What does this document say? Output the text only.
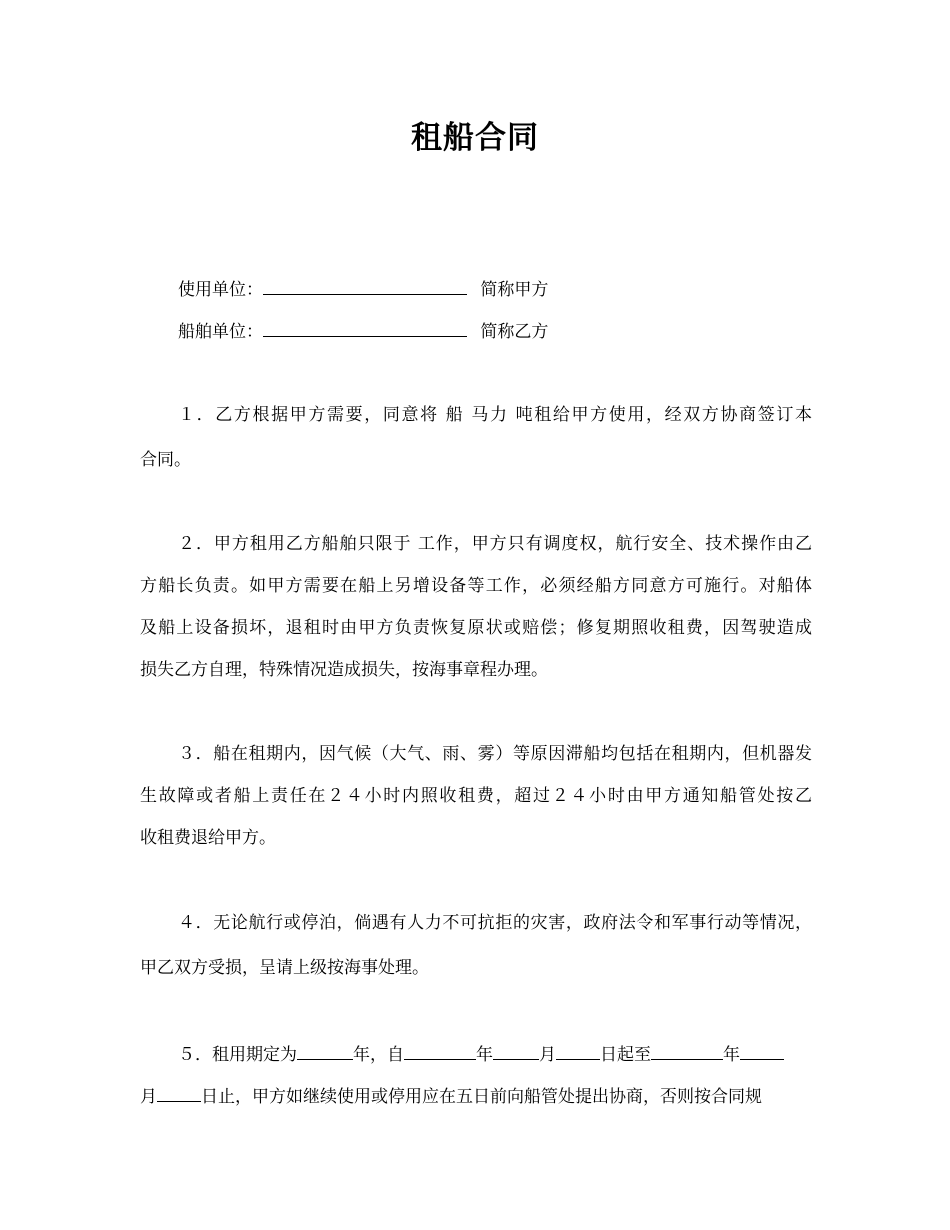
租船合同
使用单位：	简称甲方
船舶单位：	简称乙方
１．乙方根据甲方需要，同意将 船 马力 吨租给甲方使用，经双方协商签订本
合同。
２．甲方租用乙方船舶只限于 工作，甲方只有调度权，航行安全、技术操作由乙
方船长负责。如甲方需要在船上另增设备等工作，必须经船方同意方可施行。对船体
及船上设备损坏，退租时由甲方负责恢复原状或赔偿；修复期照收租费，因驾驶造成
损失乙方自理，特殊情况造成损失，按海事章程办理。
３．船在租期内，因气候（大气、雨、雾）等原因滞船均包括在租期内，但机器发
生故障或者船上责任在２４小时内照收租费，超过２４小时由甲方通知船管处按乙
收租费退给甲方。
４．无论航行或停泊，倘遇有人力不可抗拒的灾害，政府法令和军事行动等情况，
甲乙双方受损，呈请上级按海事处理。
５．租用期定为	年，自	年	月	日起至	年
月	日止，甲方如继续使用或停用应在五日前向船管处提出协商，否则按合同规
